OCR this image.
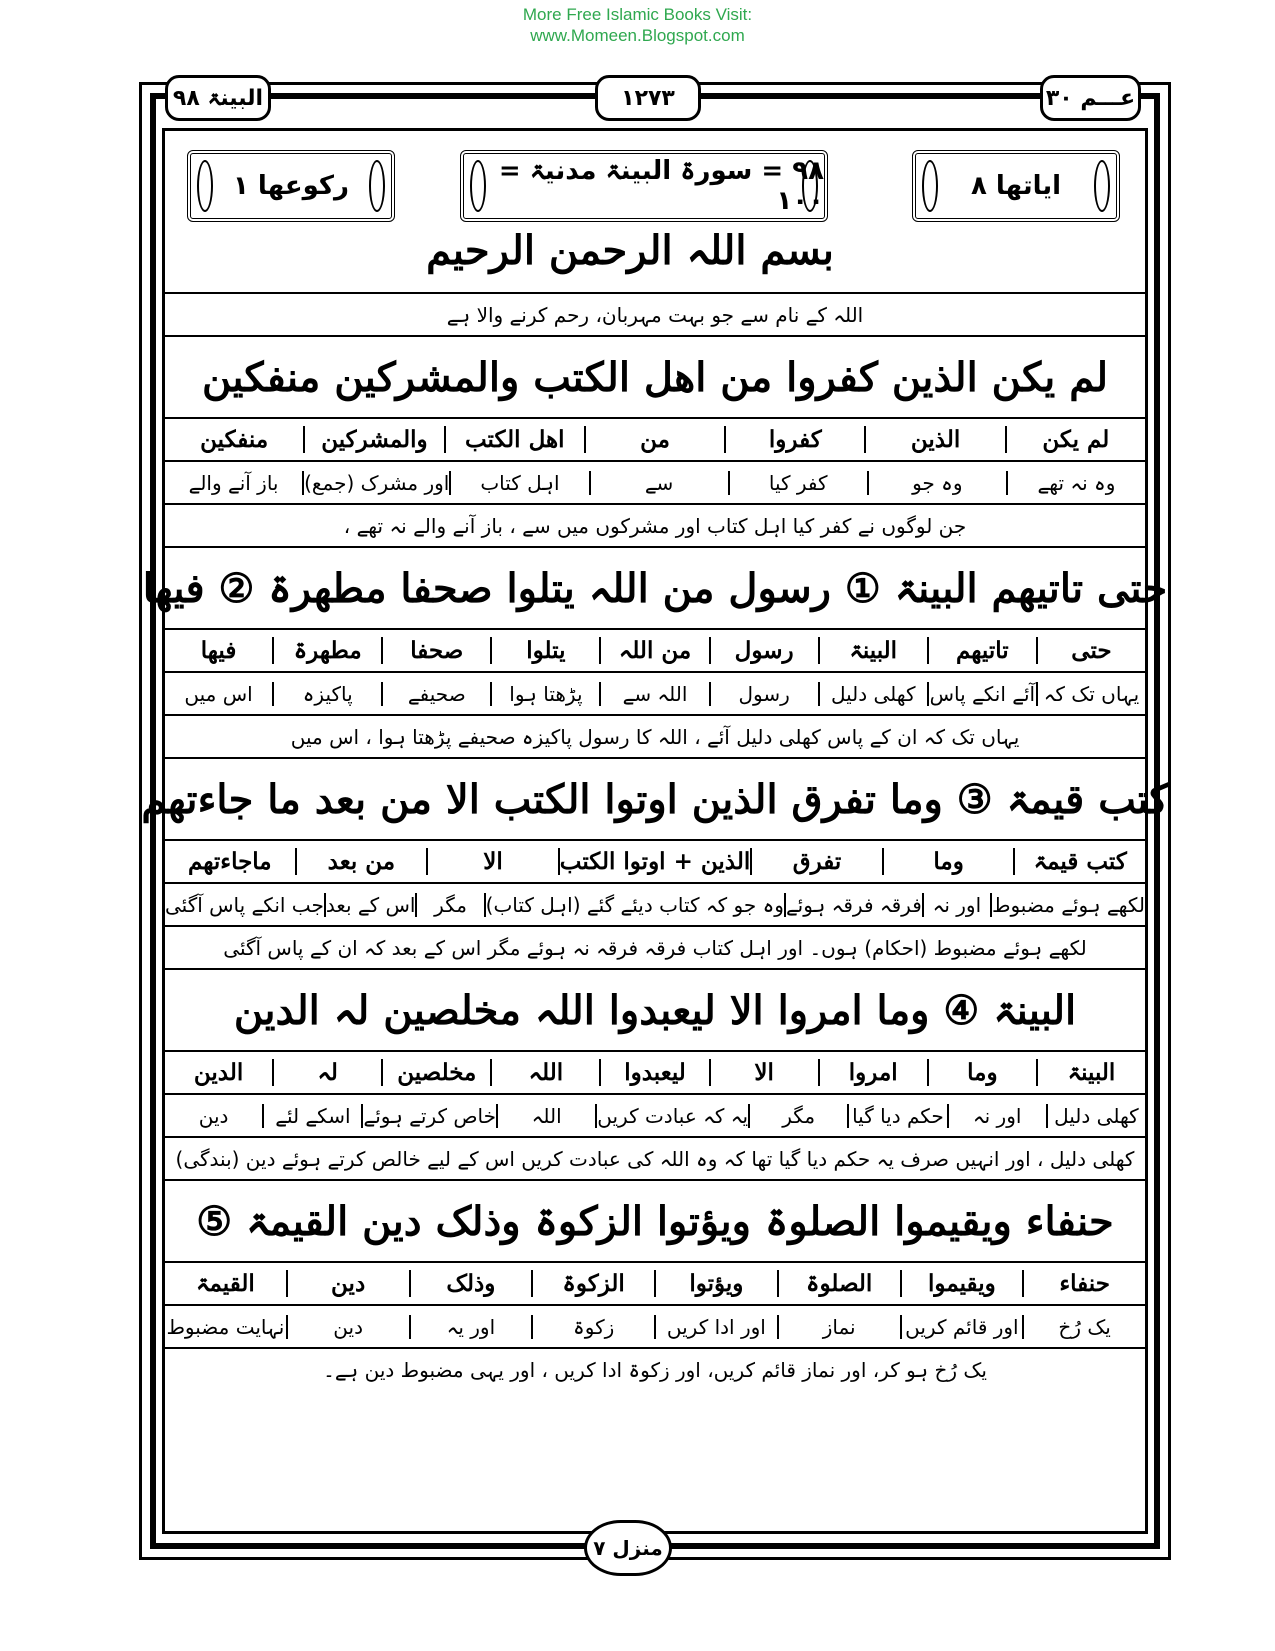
More Free Islamic Books Visit:
www.Momeen.Blogspot.com
البینۃ ۹۸	۱۲۷۳	عـــم ۳۰
ایاتھا ۸
۹۸ = سورۃ البینۃ مدنیۃ = ۱۰۰
رکوعھا ۱
بسم اللہ الرحمن الرحیم
اللہ کے نام سے جو بہت مہربان، رحم کرنے والا ہے
لم یکن الذین کفروا من اھل الکتب والمشرکین منفکین
لم یکن
الذین
کفروا
من
اھل الکتب
والمشرکین
منفکین
وہ نہ تھے
وہ جو
کفر کیا
سے
اہل کتاب
اور مشرک (جمع)
باز آنے والے
جن لوگوں نے کفر کیا اہل کتاب اور مشرکوں میں سے ، باز آنے والے نہ تھے ،
حتی تاتیھم البینۃ ① رسول من اللہ یتلوا صحفا مطھرۃ ② فیھا
حتی
تاتیھم
البینۃ
رسول
من اللہ
یتلوا
صحفا
مطھرۃ
فیھا
یہاں تک کہ
آئے انکے پاس
کھلی دلیل
رسول
اللہ سے
پڑھتا ہوا
صحیفے
پاکیزہ
اس میں
یہاں تک کہ ان کے پاس کھلی دلیل آئے ، اللہ کا رسول پاکیزہ صحیفے پڑھتا ہوا ، اس میں
کتب قیمۃ ③ وما تفرق الذین اوتوا الکتب الا من بعد ما جاءتھم
کتب قیمۃ
وما
تفرق
الذین + اوتوا الکتب
الا
من بعد
ماجاءتھم
لکھے ہوئے مضبوط
اور نہ
فرقہ فرقہ ہوئے
وہ جو کہ کتاب دیئے گئے (اہل کتاب)
مگر
اس کے بعد
جب انکے پاس آگئی
لکھے ہوئے مضبوط (احکام) ہوں۔ اور اہل کتاب فرقہ فرقہ نہ ہوئے مگر اس کے بعد کہ ان کے پاس آگئی
البینۃ ④ وما امروا الا لیعبدوا اللہ مخلصین لہ الدین
البینۃ
وما
امروا
الا
لیعبدوا
اللہ
مخلصین
لہ
الدین
کھلی دلیل
اور نہ
حکم دیا گیا
مگر
یہ کہ عبادت کریں
اللہ
خاص کرتے ہوئے
اسکے لئے
دین
کھلی دلیل ، اور انہیں صرف یہ حکم دیا گیا تھا کہ وہ اللہ کی عبادت کریں اس کے لیے خالص کرتے ہوئے دین (بندگی)
حنفاء ویقیموا الصلوۃ ویؤتوا الزکوۃ وذلک دین القیمۃ ⑤
حنفاء
ویقیموا
الصلوۃ
ویؤتوا
الزکوۃ
وذلک
دین
القیمۃ
یک رُخ
اور قائم کریں
نماز
اور ادا کریں
زکوۃ
اور یہ
دین
نہایت مضبوط
یک رُخ ہو کر، اور نماز قائم کریں، اور زکوۃ ادا کریں ، اور یہی مضبوط دین ہے۔
منزل ۷
